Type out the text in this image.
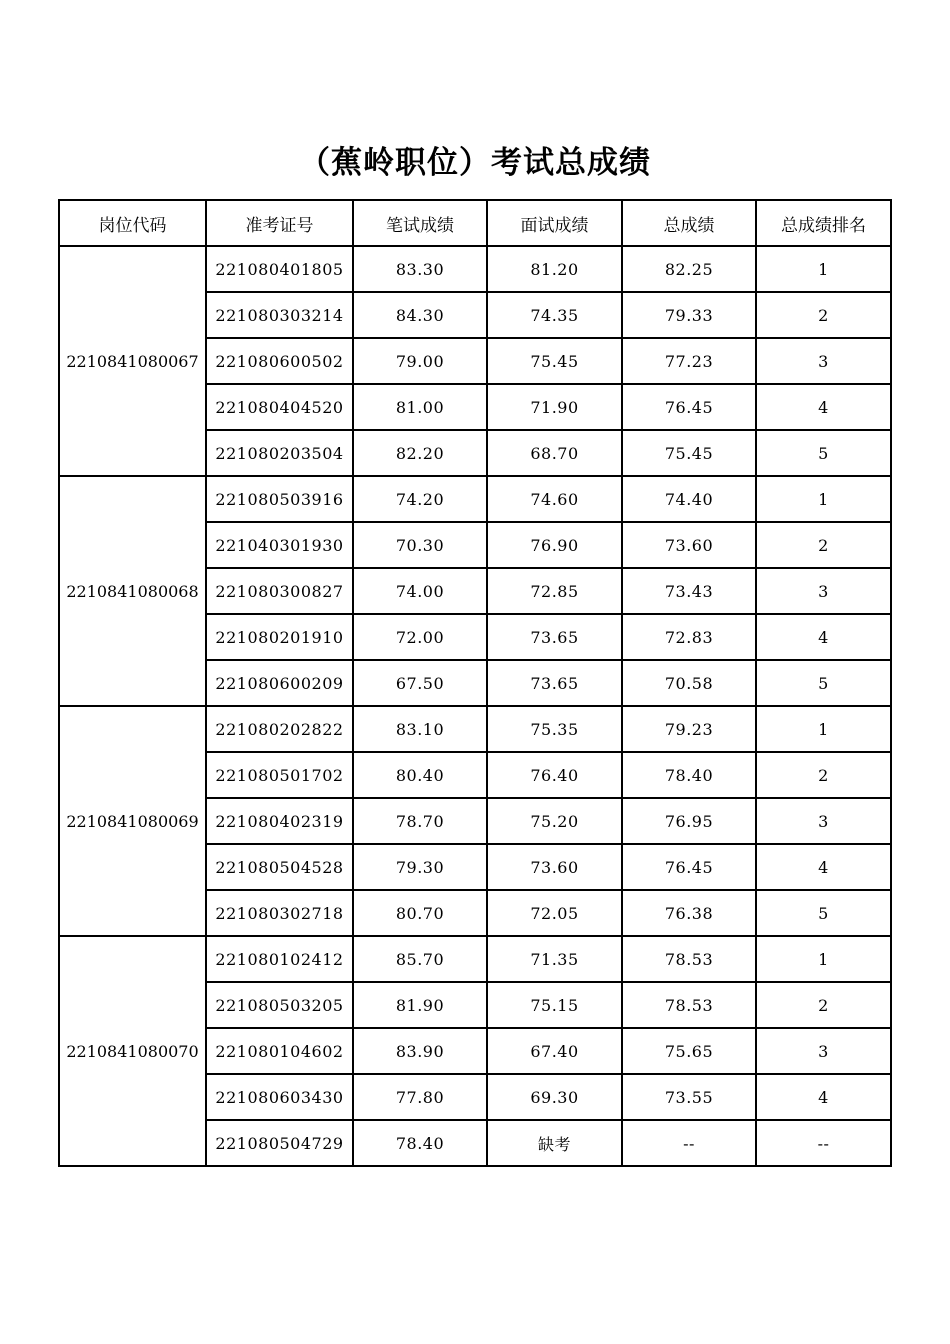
（蕉岭职位）考试总成绩
岗位代码	准考证号	笔试成绩	面试成绩	总成绩	总成绩排名
2210841080067	221080401805	83.30	81.20	82.25	1
	221080303214	84.30	74.35	79.33	2
	221080600502	79.00	75.45	77.23	3
	221080404520	81.00	71.90	76.45	4
	221080203504	82.20	68.70	75.45	5
2210841080068	221080503916	74.20	74.60	74.40	1
	221040301930	70.30	76.90	73.60	2
	221080300827	74.00	72.85	73.43	3
	221080201910	72.00	73.65	72.83	4
	221080600209	67.50	73.65	70.58	5
2210841080069	221080202822	83.10	75.35	79.23	1
	221080501702	80.40	76.40	78.40	2
	221080402319	78.70	75.20	76.95	3
	221080504528	79.30	73.60	76.45	4
	221080302718	80.70	72.05	76.38	5
2210841080070	221080102412	85.70	71.35	78.53	1
	221080503205	81.90	75.15	78.53	2
	221080104602	83.90	67.40	75.65	3
	221080603430	77.80	69.30	73.55	4
	221080504729	78.40	缺考	--	--
